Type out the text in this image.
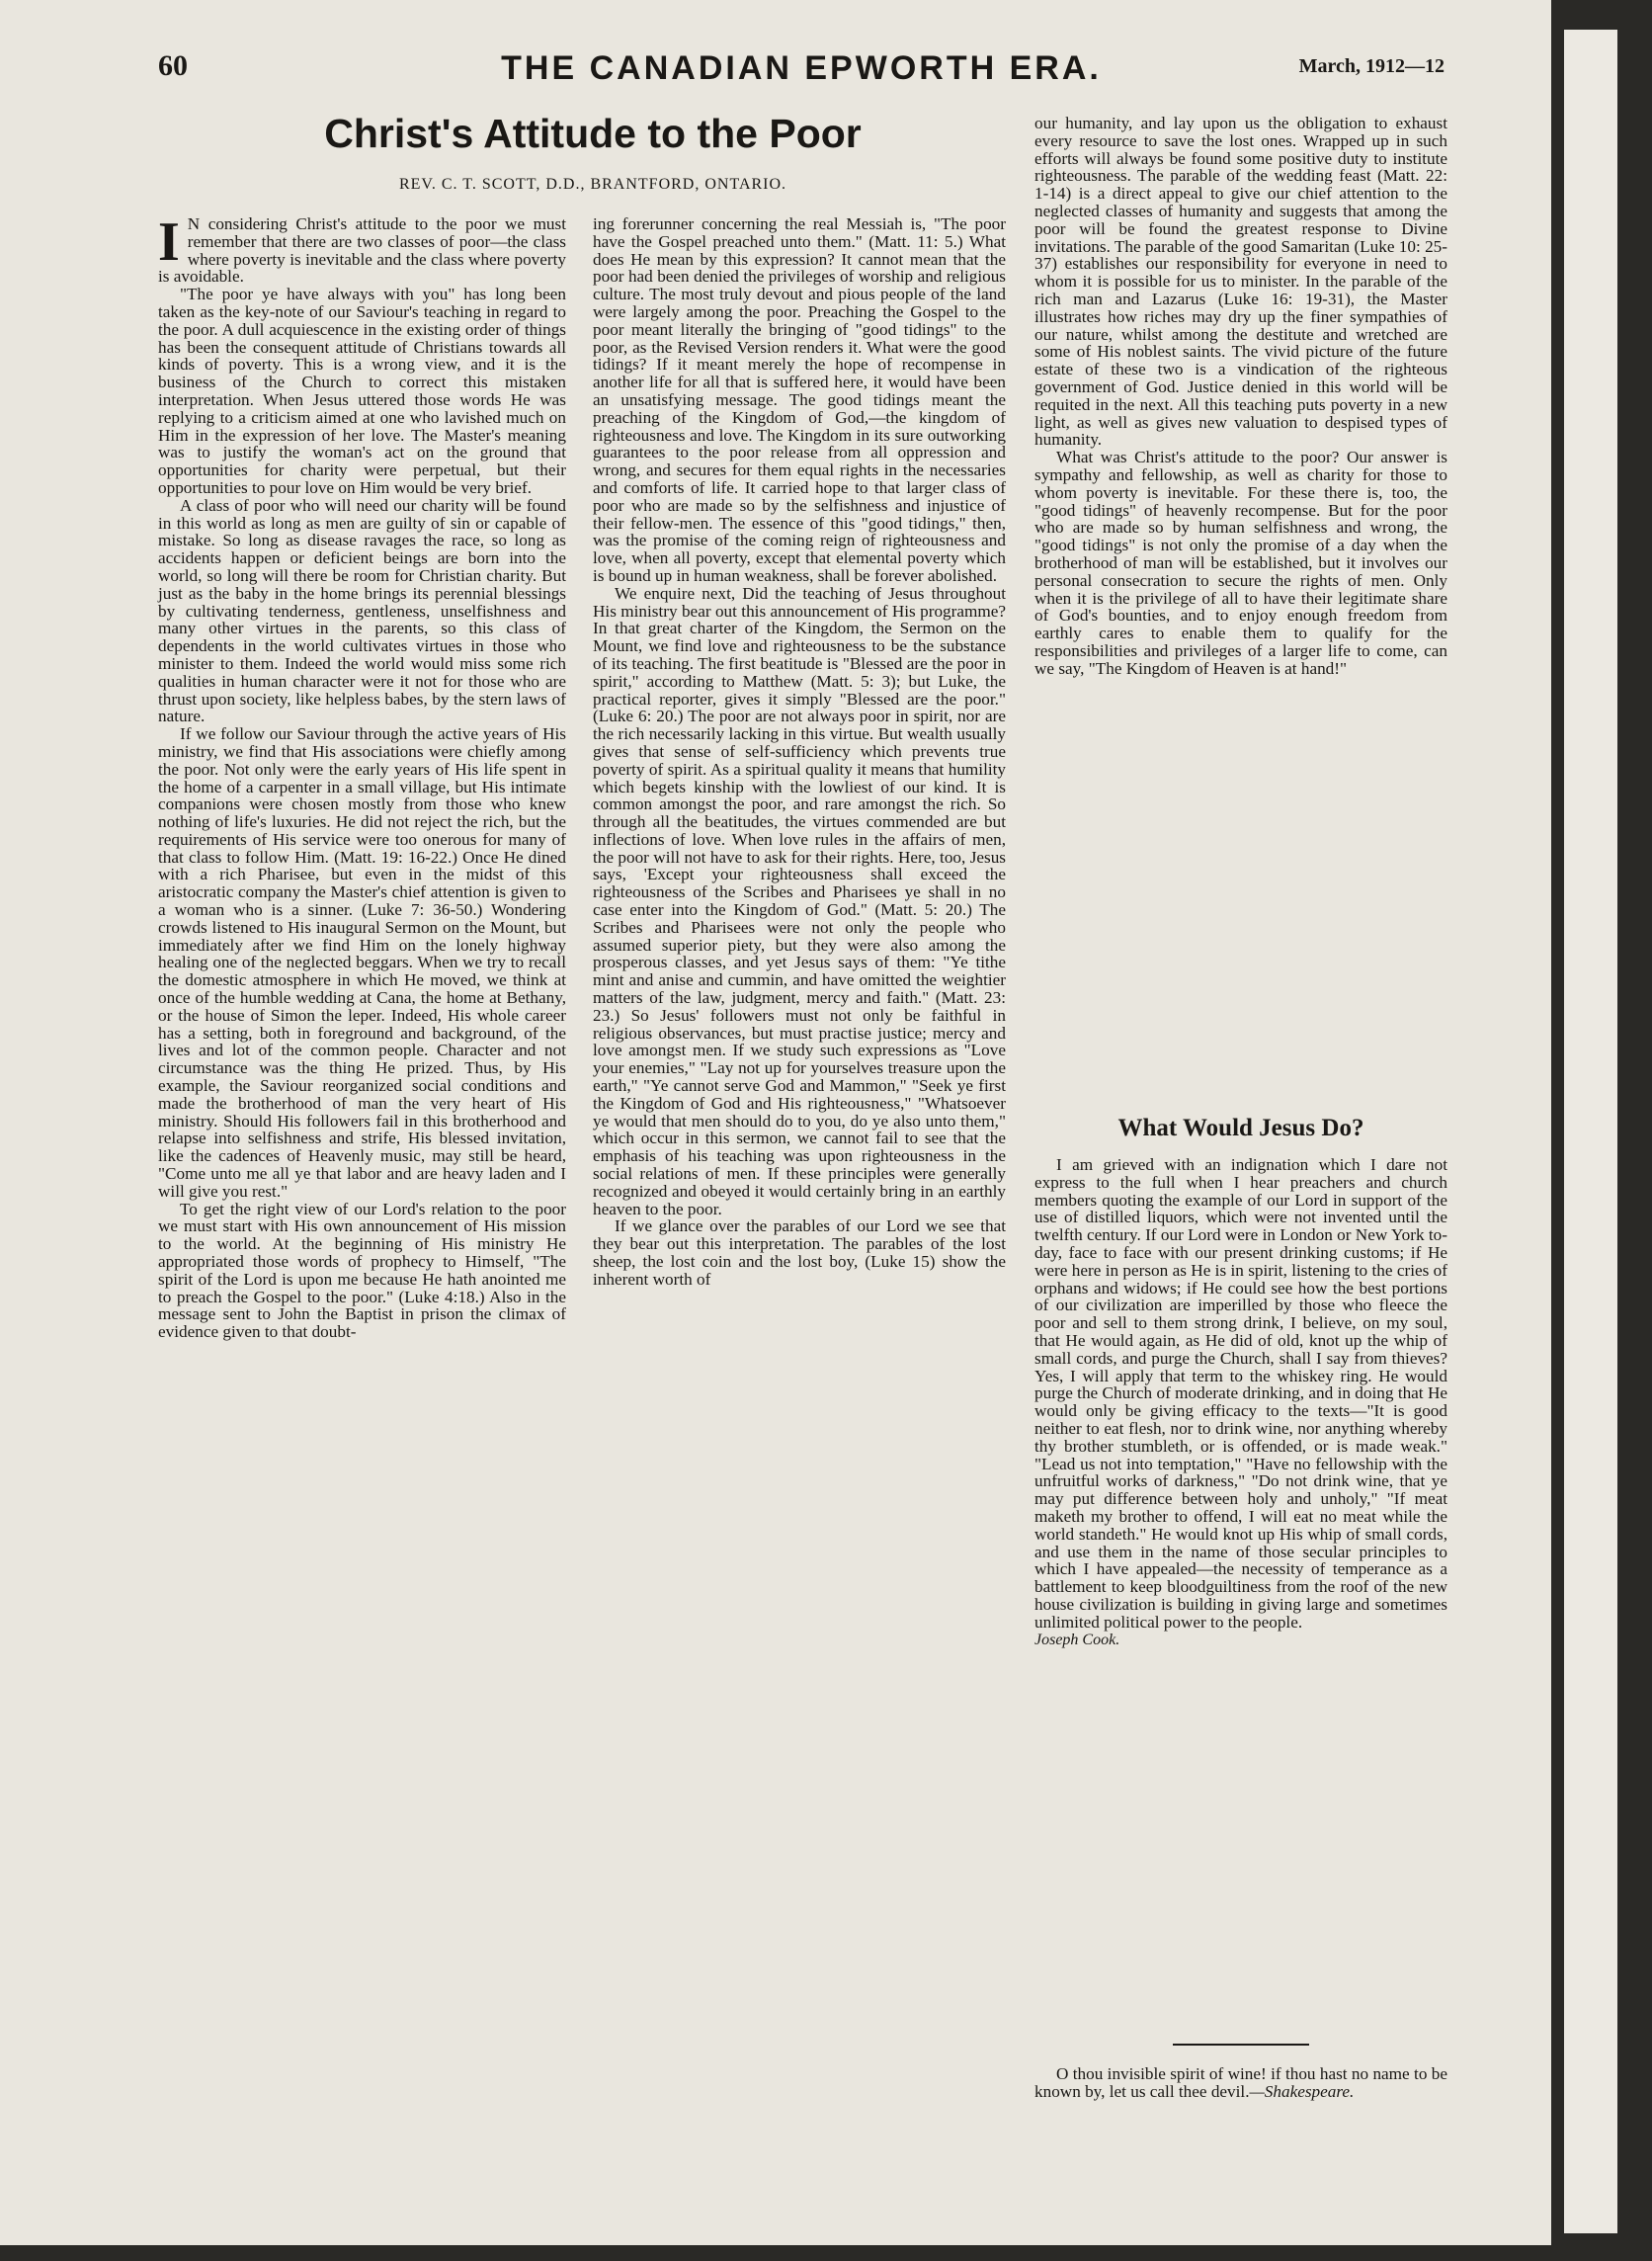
60	THE CANADIAN EPWORTH ERA.	March, 1912—12
Christ's Attitude to the Poor
REV. C. T. SCOTT, D.D., BRANTFORD, ONTARIO.

I N considering Christ's attitude to the poor we must remember that there are two classes of poor—the class where poverty is inevitable and the class where poverty is avoidable.

"The poor ye have always with you" has long been taken as the key-note of our Saviour's teaching in regard to the poor. A dull acquiescence in the existing order of things has been the consequent attitude of Christians towards all kinds of poverty. This is a wrong view, and it is the business of the Church to correct this mistaken interpretation. When Jesus uttered those words He was replying to a criticism aimed at one who lavished much on Him in the expression of her love. The Master's meaning was to justify the woman's act on the ground that opportunities for charity were perpetual, but their opportunities to pour love on Him would be very brief.

A class of poor who will need our charity will be found in this world as long as men are guilty of sin or capable of mistake. So long as disease ravages the race, so long as accidents happen or deficient beings are born into the world, so long will there be room for Christian charity. But just as the baby in the home brings its perennial blessings by cultivating tenderness, gentleness, unselfishness and many other virtues in the parents, so this class of dependents in the world cultivates virtues in those who minister to them. Indeed the world would miss some rich qualities in human character were it not for those who are thrust upon society, like helpless babes, by the stern laws of nature.

If we follow our Saviour through the active years of His ministry, we find that His associations were chiefly among the poor. Not only were the early years of His life spent in the home of a carpenter in a small village, but His intimate companions were chosen mostly from those who knew nothing of life's luxuries. He did not reject the rich, but the requirements of His service were too onerous for many of that class to follow Him. (Matt. 19: 16-22.) Once He dined with a rich Pharisee, but even in the midst of this aristocratic company the Master's chief attention is given to a woman who is a sinner. (Luke 7: 36-50.) Wondering crowds listened to His inaugural Sermon on the Mount, but immediately after we find Him on the lonely highway healing one of the neglected beggars. When we try to recall the domestic atmosphere in which He moved, we think at once of the humble wedding at Cana, the home at Bethany, or the house of Simon the leper. Indeed, His whole career has a setting, both in foreground and background, of the lives and lot of the common people. Character and not circumstance was the thing He prized. Thus, by His example, the Saviour reorganized social conditions and made the brotherhood of man the very heart of His ministry. Should His followers fail in this brotherhood and relapse into selfishness and strife, His blessed invitation, like the cadences of Heavenly music, may still be heard, "Come unto me all ye that labor and are heavy laden and I will give you rest."

To get the right view of our Lord's relation to the poor we must start with His own announcement of His mission to the world. At the beginning of His ministry He appropriated those words of prophecy to Himself, "The spirit of the Lord is upon me because He hath anointed me to preach the Gospel to the poor." (Luke 4:18.) Also in the message sent to John the Baptist in prison the climax of evidence given to that doubt-

ing forerunner concerning the real Messiah is, "The poor have the Gospel preached unto them." (Matt. 11: 5.) What does He mean by this expression? It cannot mean that the poor had been denied the privileges of worship and religious culture. The most truly devout and pious people of the land were largely among the poor. Preaching the Gospel to the poor meant literally the bringing of "good tidings" to the poor, as the Revised Version renders it. What were the good tidings? If it meant merely the hope of recompense in another life for all that is suffered here, it would have been an unsatisfying message. The good tidings meant the preaching of the Kingdom of God,—the kingdom of righteousness and love. The Kingdom in its sure outworking guarantees to the poor release from all oppression and wrong, and secures for them equal rights in the necessaries and comforts of life. It carried hope to that larger class of poor who are made so by the selfishness and injustice of their fellow-men. The essence of this "good tidings," then, was the promise of the coming reign of righteousness and love, when all poverty, except that elemental poverty which is bound up in human weakness, shall be forever abolished.

We enquire next, Did the teaching of Jesus throughout His ministry bear out this announcement of His programme? In that great charter of the Kingdom, the Sermon on the Mount, we find love and righteousness to be the substance of its teaching. The first beatitude is "Blessed are the poor in spirit," according to Matthew (Matt. 5: 3); but Luke, the practical reporter, gives it simply "Blessed are the poor." (Luke 6: 20.) The poor are not always poor in spirit, nor are the rich necessarily lacking in this virtue. But wealth usually gives that sense of self-sufficiency which prevents true poverty of spirit. As a spiritual quality it means that humility which begets kinship with the lowliest of our kind. It is common amongst the poor, and rare amongst the rich. So through all the beatitudes, the virtues commended are but inflections of love. When love rules in the affairs of men, the poor will not have to ask for their rights. Here, too, Jesus says, 'Except your righteousness shall exceed the righteousness of the Scribes and Pharisees ye shall in no case enter into the Kingdom of God." (Matt. 5: 20.) The Scribes and Pharisees were not only the people who assumed superior piety, but they were also among the prosperous classes, and yet Jesus says of them: "Ye tithe mint and anise and cummin, and have omitted the weightier matters of the law, judgment, mercy and faith." (Matt. 23: 23.) So Jesus' followers must not only be faithful in religious observances, but must practise justice; mercy and love amongst men. If we study such expressions as "Love your enemies," "Lay not up for yourselves treasure upon the earth," "Ye cannot serve God and Mammon," "Seek ye first the Kingdom of God and His righteousness," "Whatsoever ye would that men should do to you, do ye also unto them," which occur in this sermon, we cannot fail to see that the emphasis of his teaching was upon righteousness in the social relations of men. If these principles were generally recognized and obeyed it would certainly bring in an earthly heaven to the poor.

If we glance over the parables of our Lord we see that they bear out this interpretation. The parables of the lost sheep, the lost coin and the lost boy, (Luke 15) show the inherent worth of

our humanity, and lay upon us the obligation to exhaust every resource to save the lost ones. Wrapped up in such efforts will always be found some positive duty to institute righteousness. The parable of the wedding feast (Matt. 22: 1-14) is a direct appeal to give our chief attention to the neglected classes of humanity and suggests that among the poor will be found the greatest response to Divine invitations. The parable of the good Samaritan (Luke 10: 25-37) establishes our responsibility for everyone in need to whom it is possible for us to minister. In the parable of the rich man and Lazarus (Luke 16: 19-31), the Master illustrates how riches may dry up the finer sympathies of our nature, whilst among the destitute and wretched are some of His noblest saints. The vivid picture of the future estate of these two is a vindication of the righteous government of God. Justice denied in this world will be requited in the next. All this teaching puts poverty in a new light, as well as gives new valuation to despised types of humanity.

What was Christ's attitude to the poor? Our answer is sympathy and fellowship, as well as charity for those to whom poverty is inevitable. For these there is, too, the "good tidings" of heavenly recompense. But for the poor who are made so by human selfishness and wrong, the "good tidings" is not only the promise of a day when the brotherhood of man will be established, but it involves our personal consecration to secure the rights of men. Only when it is the privilege of all to have their legitimate share of God's bounties, and to enjoy enough freedom from earthly cares to enable them to qualify for the responsibilities and privileges of a larger life to come, can we say, "The Kingdom of Heaven is at hand!"

What Would Jesus Do?

I am grieved with an indignation which I dare not express to the full when I hear preachers and church members quoting the example of our Lord in support of the use of distilled liquors, which were not invented until the twelfth century. If our Lord were in London or New York to-day, face to face with our present drinking customs; if He were here in person as He is in spirit, listening to the cries of orphans and widows; if He could see how the best portions of our civilization are imperilled by those who fleece the poor and sell to them strong drink, I believe, on my soul, that He would again, as He did of old, knot up the whip of small cords, and purge the Church, shall I say from thieves? Yes, I will apply that term to the whiskey ring. He would purge the Church of moderate drinking, and in doing that He would only be giving efficacy to the texts—"It is good neither to eat flesh, nor to drink wine, nor anything whereby thy brother stumbleth, or is offended, or is made weak." "Lead us not into temptation," "Have no fellowship with the unfruitful works of darkness," "Do not drink wine, that ye may put difference between holy and unholy," "If meat maketh my brother to offend, I will eat no meat while the world standeth." He would knot up His whip of small cords, and use them in the name of those secular principles to which I have appealed—the necessity of temperance as a battlement to keep bloodguiltiness from the roof of the new house civilization is building in giving large and sometimes unlimited political power to the people.

Joseph Cook.

O thou invisible spirit of wine! if thou hast no name to be known by, let us call thee devil.—Shakespeare.
